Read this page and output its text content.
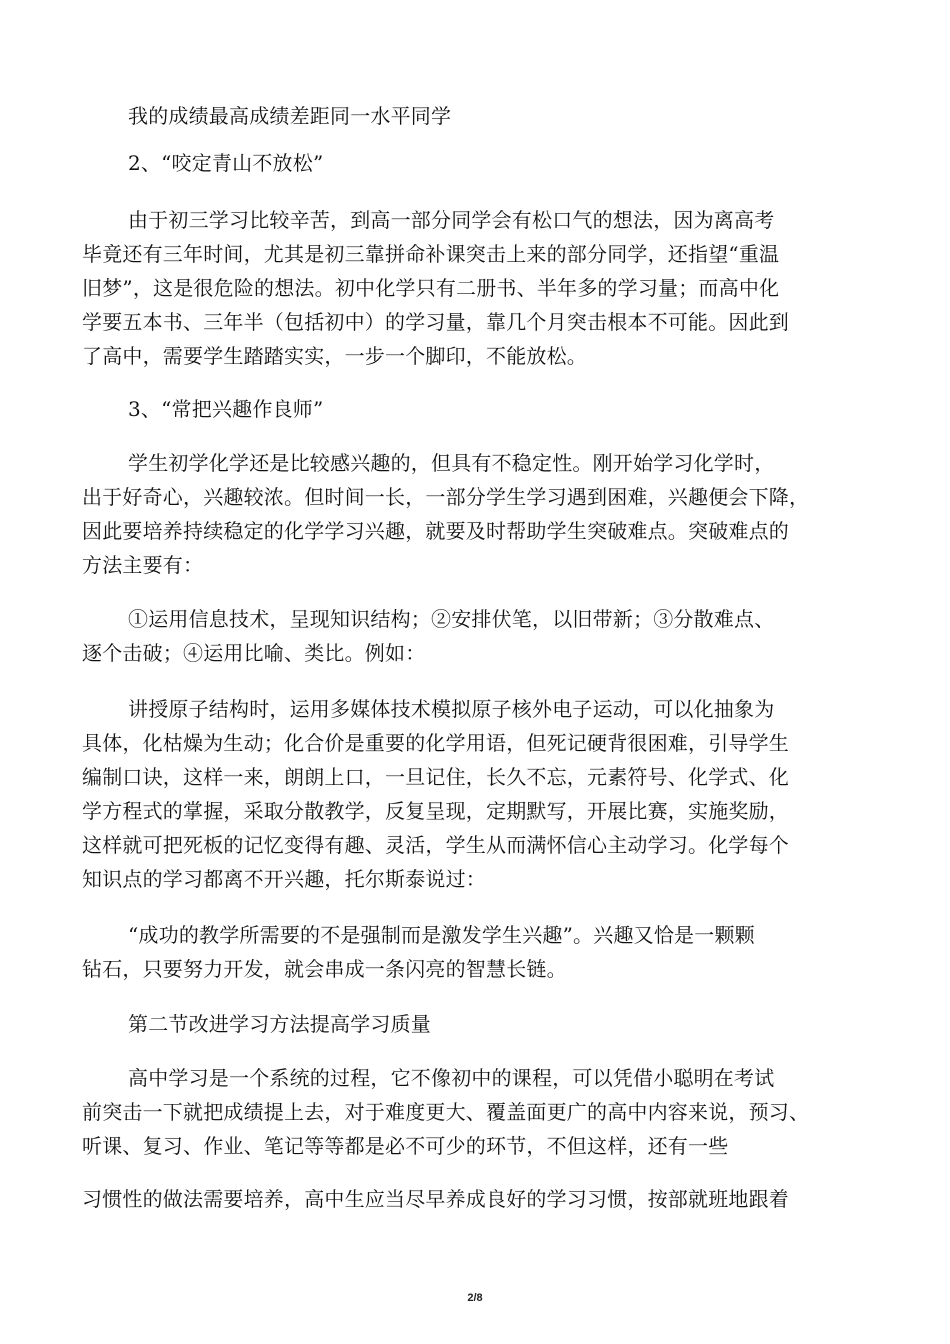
我的成绩最高成绩差距同一水平同学
2、“咬定青山不放松”
由于初三学习比较辛苦，到高一部分同学会有松口气的想法，因为离高考
毕竟还有三年时间，尤其是初三靠拼命补课突击上来的部分同学，还指望“重温
旧梦”，这是很危险的想法。初中化学只有二册书、半年多的学习量；而高中化
学要五本书、三年半（包括初中）的学习量，靠几个月突击根本不可能。因此到
了高中，需要学生踏踏实实，一步一个脚印，不能放松。
3、“常把兴趣作良师”
学生初学化学还是比较感兴趣的，但具有不稳定性。刚开始学习化学时，
出于好奇心，兴趣较浓。但时间一长，一部分学生学习遇到困难，兴趣便会下降，
因此要培养持续稳定的化学学习兴趣，就要及时帮助学生突破难点。突破难点的
方法主要有：
①运用信息技术，呈现知识结构；②安排伏笔，以旧带新；③分散难点、
逐个击破；④运用比喻、类比。例如：
讲授原子结构时，运用多媒体技术模拟原子核外电子运动，可以化抽象为
具体，化枯燥为生动；化合价是重要的化学用语，但死记硬背很困难，引导学生
编制口诀，这样一来，朗朗上口，一旦记住，长久不忘，元素符号、化学式、化
学方程式的掌握，采取分散教学，反复呈现，定期默写，开展比赛，实施奖励，
这样就可把死板的记忆变得有趣、灵活，学生从而满怀信心主动学习。化学每个
知识点的学习都离不开兴趣，托尔斯泰说过：
“成功的教学所需要的不是强制而是激发学生兴趣”。兴趣又恰是一颗颗
钻石，只要努力开发，就会串成一条闪亮的智慧长链。
第二节改进学习方法提高学习质量
高中学习是一个系统的过程，它不像初中的课程，可以凭借小聪明在考试
前突击一下就把成绩提上去，对于难度更大、覆盖面更广的高中内容来说，预习、
听课、复习、作业、笔记等等都是必不可少的环节，不但这样，还有一些
习惯性的做法需要培养，高中生应当尽早养成良好的学习习惯，按部就班地跟着
2/8
